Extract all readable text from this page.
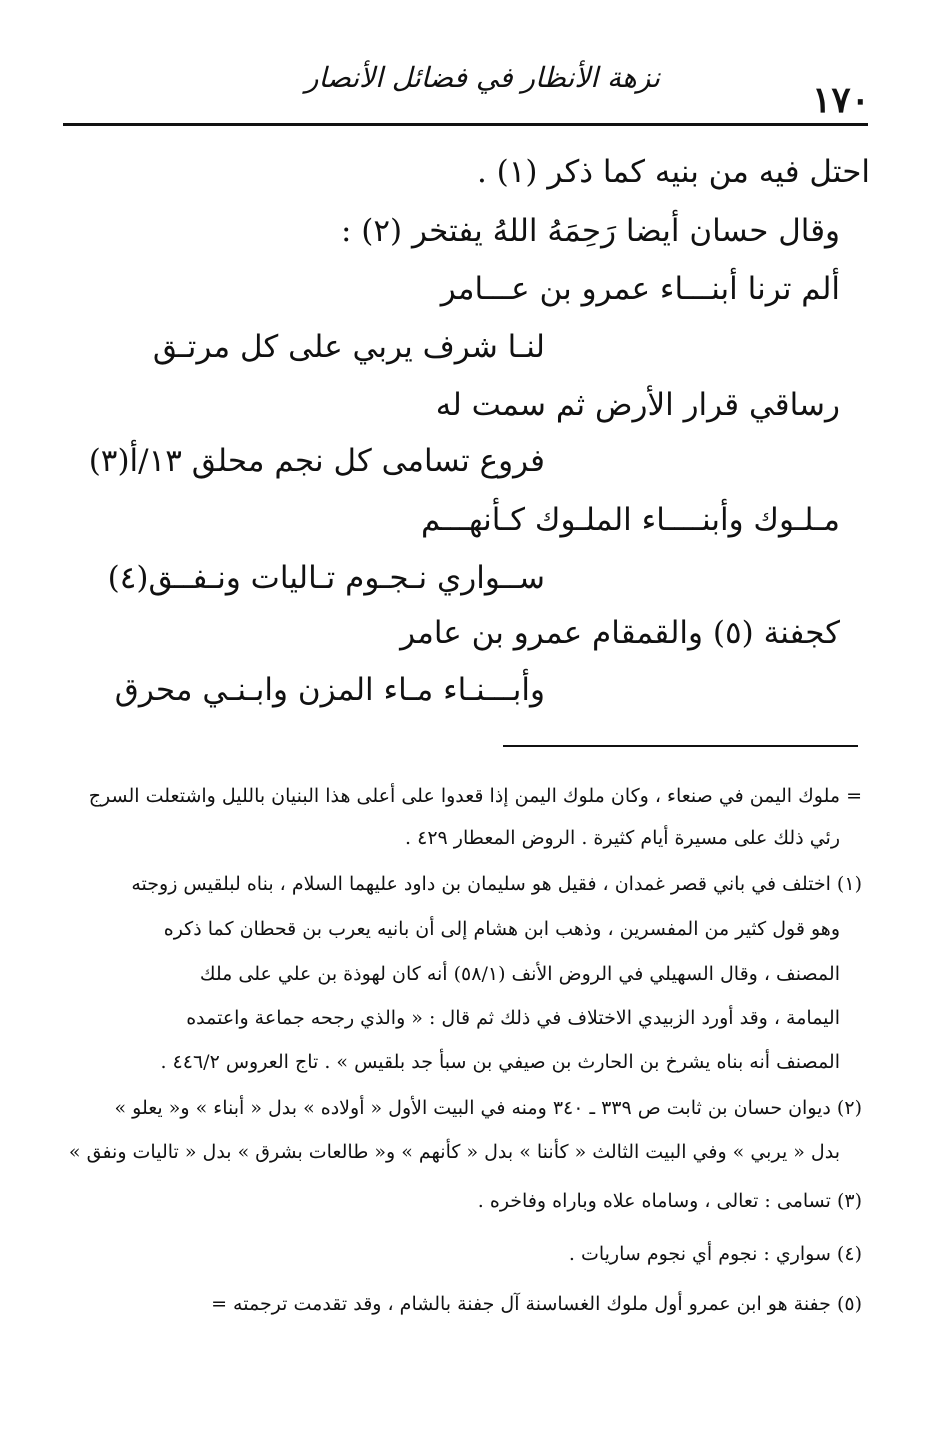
نزهة الأنظار في فضائل الأنصار
١٧٠
احتل فيه من بنيه كما ذكر (١) .
وقال حسان أيضا رَحِمَهُ اللهُ يفتخر (٢) :
ألم ترنا أبنـــاء عمرو بن عـــامر
لنـا شرف يربي على كل مرتـق
رساقي قرار الأرض ثم سمت له
فروع تسامى كل نجم محلق ١٣/أ(٣)
مـلـوك وأبنــــاء الملـوك كـأنهـــم
ســواري نـجـوم تـاليات ونـفــق(٤)
كجفنة (٥) والقمقام عمرو بن عامر
وأبـــنـاء مـاء المزن وابـنـي محرق
= ملوك اليمن في صنعاء ، وكان ملوك اليمن إذا قعدوا على أعلى هذا البنيان بالليل واشتعلت السرج
رئي ذلك على مسيرة أيام كثيرة . الروض المعطار ٤٢٩ .
(١) اختلف في باني قصر غمدان ، فقيل هو سليمان بن داود عليهما السلام ، بناه لبلقيس زوجته
وهو قول كثير من المفسرين ، وذهب ابن هشام إلى أن بانيه يعرب بن قحطان كما ذكره
المصنف ، وقال السهيلي في الروض الأنف (٥٨/١) أنه كان لهوذة بن علي على ملك
اليمامة ، وقد أورد الزبيدي الاختلاف في ذلك ثم قال : « والذي رجحه جماعة واعتمده
المصنف أنه بناه يشرخ بن الحارث بن صيفي بن سبأ جد بلقيس » . تاج العروس ٤٤٦/٢ .
(٢) ديوان حسان بن ثابت ص ٣٣٩ ـ ٣٤٠ ومنه في البيت الأول « أولاده » بدل « أبناء » و« يعلو »
بدل « يربي » وفي البيت الثالث « كأننا » بدل « كأنهم » و« طالعات بشرق » بدل « تاليات ونفق »
(٣) تسامى : تعالى ، وساماه علاه وباراه وفاخره .
(٤) سواري : نجوم أي نجوم ساريات .
(٥) جفنة هو ابن عمرو أول ملوك الغساسنة آل جفنة بالشام ، وقد تقدمت ترجمته =
